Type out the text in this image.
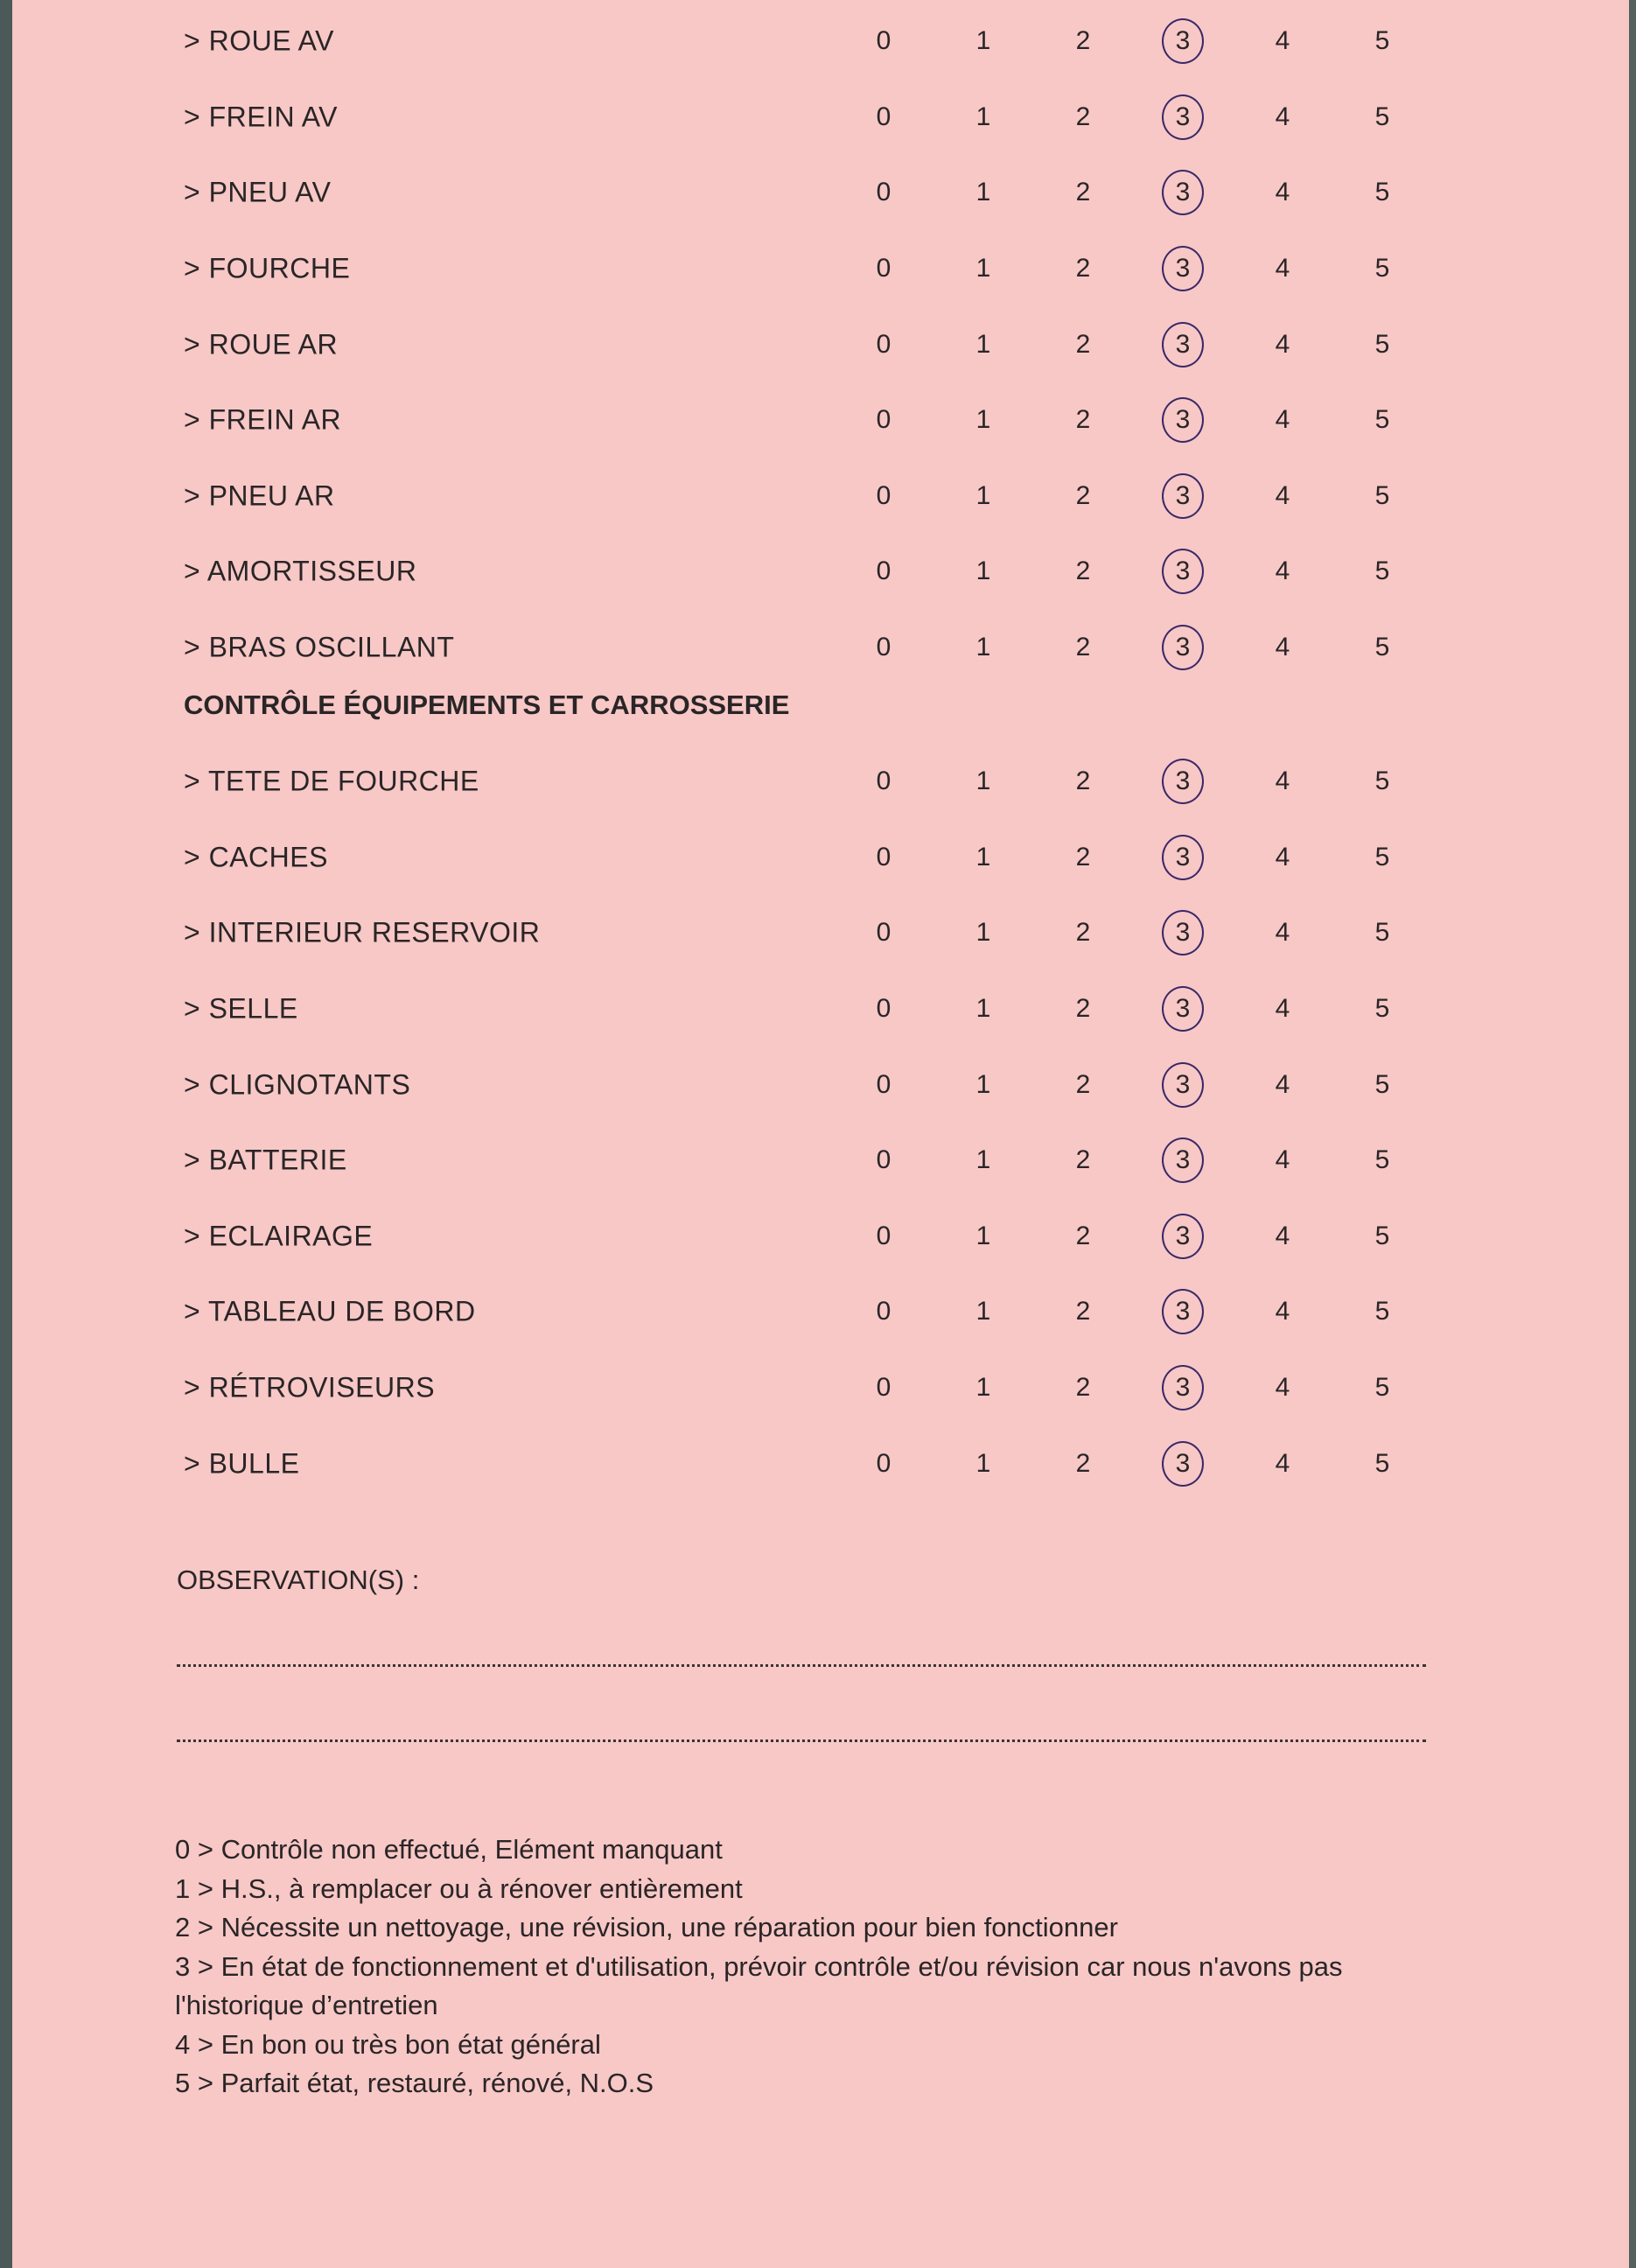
> ROUE AV	0	1	2	3	4	5
> FREIN AV	0	1	2	3	4	5
> PNEU AV	0	1	2	3	4	5
> FOURCHE	0	1	2	3	4	5
> ROUE AR	0	1	2	3	4	5
> FREIN AR	0	1	2	3	4	5
> PNEU AR	0	1	2	3	4	5
> AMORTISSEUR	0	1	2	3	4	5
> BRAS OSCILLANT	0	1	2	3	4	5
CONTRÔLE ÉQUIPEMENTS ET CARROSSERIE
> TETE DE FOURCHE	0	1	2	3	4	5
> CACHES	0	1	2	3	4	5
> INTERIEUR RESERVOIR	0	1	2	3	4	5
> SELLE	0	1	2	3	4	5
> CLIGNOTANTS	0	1	2	3	4	5
> BATTERIE	0	1	2	3	4	5
> ECLAIRAGE	0	1	2	3	4	5
> TABLEAU DE BORD	0	1	2	3	4	5
> RÉTROVISEURS	0	1	2	3	4	5
> BULLE	0	1	2	3	4	5
OBSERVATION(S) :
0 > Contrôle non effectué, Elément manquant
1 > H.S., à remplacer ou à rénover entièrement
2 > Nécessite un nettoyage, une révision, une réparation pour bien fonctionner
3 > En état de fonctionnement et d'utilisation, prévoir contrôle et/ou révision car nous n'avons pas l'historique d’entretien
4 > En bon ou très bon état général
5 > Parfait état, restauré, rénové, N.O.S
